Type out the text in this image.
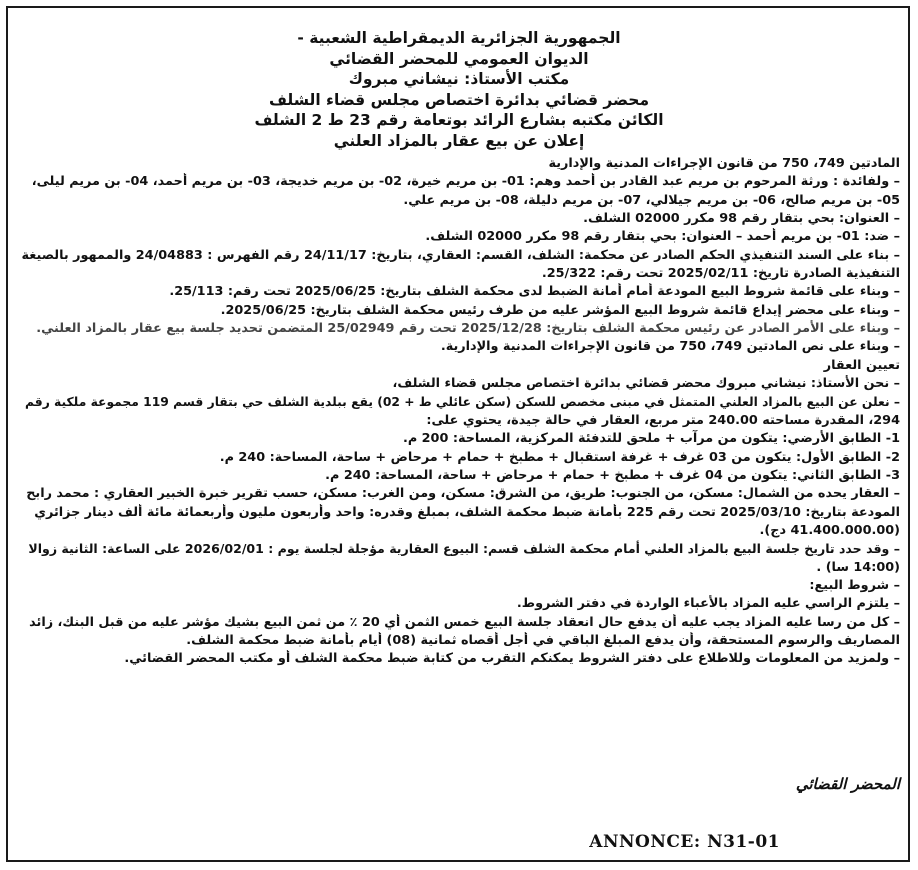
الجمهورية الجزائرية الديمقراطية الشعبية -
الديوان العمومي للمحضر القضائي
مكتب الأستاذ: نيشاني مبروك
محضر قضائي بدائرة اختصاص مجلس قضاء الشلف
الكائن مكتبه بشارع الرائد بوتعامة رقم 23 ط 2 الشلف
إعلان عن بيع عقار بالمزاد العلني
المادتين 749، 750 من قانون الإجراءات المدنية والإدارية
– ولفائدة : ورثة المرحوم بن مريم عبد القادر بن أحمد وهم: 01- بن مريم خيرة، 02- بن مريم خديجة، 03- بن مريم أحمد، 04- بن مريم ليلى،
05- بن مريم صالح، 06- بن مريم جيلالي، 07- بن مريم دليلة، 08- بن مريم علي.
– العنوان: بحي بتقار رقم 98 مكرر 02000 الشلف.
– ضد: 01- بن مريم أحمد – العنوان: بحي بتقار رقم 98 مكرر 02000 الشلف.
– بناء على السند التنفيذي الحكم الصادر عن محكمة: الشلف، القسم: العقاري، بتاريخ: 24/11/17 رقم الفهرس : 24/04883 والممهور بالصيغة
التنفيذية الصادرة تاريخ: 2025/02/11 تحت رقم: 25/322.
– وبناء على قائمة شروط البيع المودعة أمام أمانة الضبط لدى محكمة الشلف بتاريخ: 2025/06/25 تحت رقم: 25/113.
– وبناء على محضر إيداع قائمة شروط البيع المؤشر عليه من طرف رئيس محكمة الشلف بتاريخ: 2025/06/25.
– وبناء على الأمر الصادر عن رئيس محكمة الشلف بتاريخ: 2025/12/28 تحت رقم 25/02949 المتضمن تحديد جلسة بيع عقار بالمزاد العلني.
– وبناء على نص المادتين 749، 750 من قانون الإجراءات المدنية والإدارية.
تعيين العقار
– نحن الأستاذ: نيشاني مبروك محضر قضائي بدائرة اختصاص مجلس قضاء الشلف،
– نعلن عن البيع بالمزاد العلني المتمثل في مبنى مخصص للسكن (سكن عائلي ط + 02) يقع ببلدية الشلف حي بتقار قسم 119 مجموعة ملكية رقم
294، المقدرة مساحته 240.00 متر مربع، العقار في حالة جيدة، يحتوي على:
1- الطابق الأرضي: يتكون من مرآب + ملحق للتدفئة المركزية، المساحة: 200 م.
2- الطابق الأول: يتكون من 03 غرف + غرفة استقبال + مطبخ + حمام + مرحاض + ساحة، المساحة: 240 م.
3- الطابق الثاني: يتكون من 04 غرف + مطبخ + حمام + مرحاض + ساحة، المساحة: 240 م.
– العقار يحده من الشمال: مسكن، من الجنوب: طريق، من الشرق: مسكن، ومن الغرب: مسكن، حسب تقرير خبرة الخبير العقاري : محمد رابح
المودعة بتاريخ: 2025/03/10 تحت رقم 225 بأمانة ضبط محكمة الشلف، بمبلغ وقدره: واحد وأربعون مليون وأربعمائة مائة ألف دينار جزائري
(41.400.000.00 دج).
– وقد حدد تاريخ جلسة البيع بالمزاد العلني أمام محكمة الشلف قسم: البيوع العقارية مؤجلة لجلسة يوم : 2026/02/01 على الساعة: الثانية زوالا
(14:00 سا) .
– شروط البيع:
– يلتزم الراسي عليه المزاد بالأعباء الواردة في دفتر الشروط.
– كل من رسا عليه المزاد يجب عليه أن يدفع حال انعقاد جلسة البيع خمس الثمن أي 20 ٪ من ثمن البيع بشيك مؤشر عليه من قبل البنك، زائد
المصاريف والرسوم المستحقة، وأن يدفع المبلغ الباقي في أجل أقصاه ثمانية (08) أيام بأمانة ضبط محكمة الشلف.
– ولمزيد من المعلومات وللاطلاع على دفتر الشروط يمكنكم التقرب من كتابة ضبط محكمة الشلف أو مكتب المحضر القضائي.
المحضر القضائي
ANNONCE: N31-01
